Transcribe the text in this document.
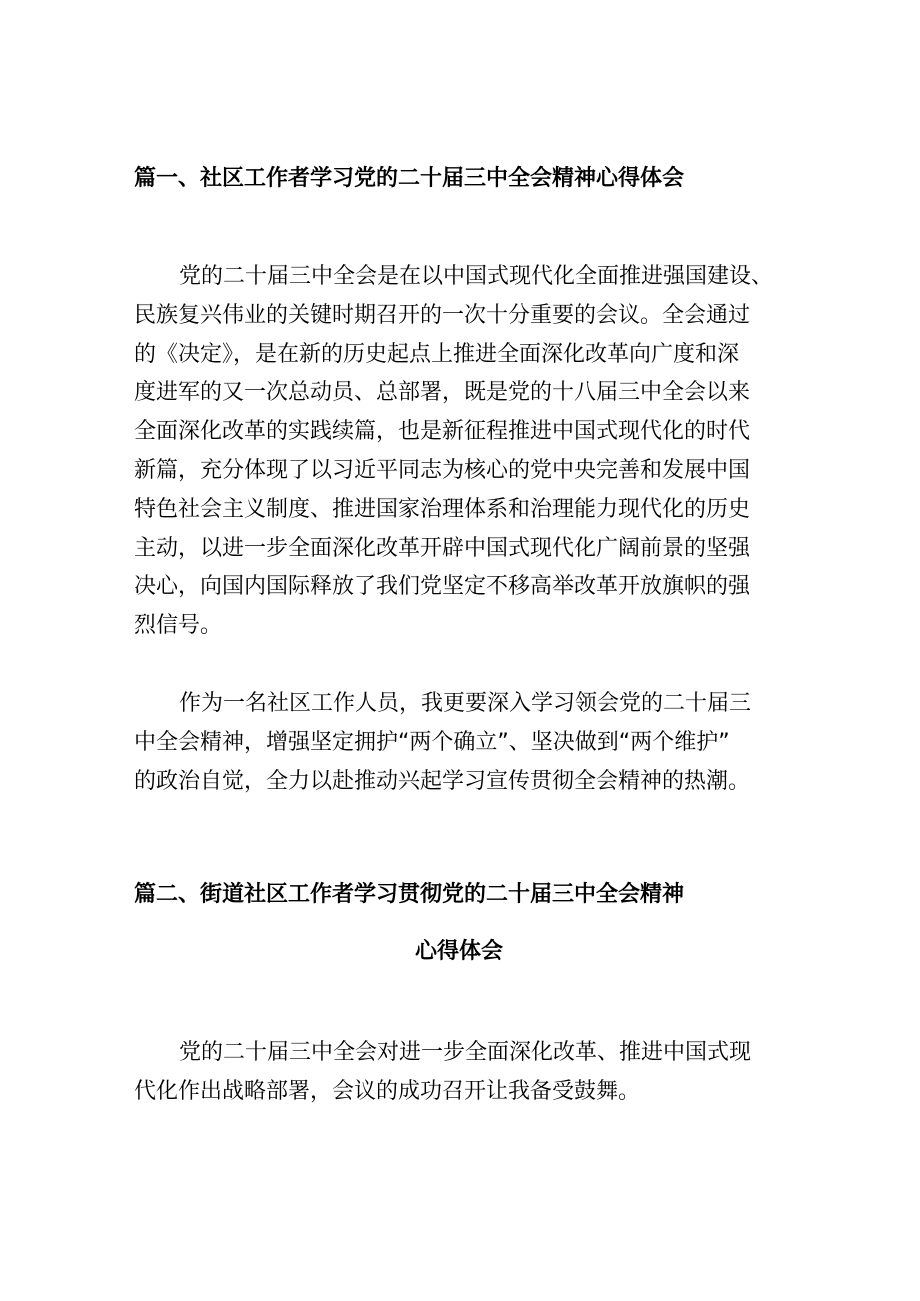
篇一、社区工作者学习党的二十届三中全会精神心得体会
党的二十届三中全会是在以中国式现代化全面推进强国建设、
民族复兴伟业的关键时期召开的一次十分重要的会议。全会通过
的《决定》，是在新的历史起点上推进全面深化改革向广度和深
度进军的又一次总动员、总部署，既是党的十八届三中全会以来
全面深化改革的实践续篇，也是新征程推进中国式现代化的时代
新篇，充分体现了以习近平同志为核心的党中央完善和发展中国
特色社会主义制度、推进国家治理体系和治理能力现代化的历史
主动，以进一步全面深化改革开辟中国式现代化广阔前景的坚强
决心，向国内国际释放了我们党坚定不移高举改革开放旗帜的强
烈信号。
作为一名社区工作人员，我更要深入学习领会党的二十届三
中全会精神，增强坚定拥护“两个确立”、坚决做到“两个维护”
的政治自觉，全力以赴推动兴起学习宣传贯彻全会精神的热潮。
篇二、街道社区工作者学习贯彻党的二十届三中全会精神
心得体会
党的二十届三中全会对进一步全面深化改革、推进中国式现
代化作出战略部署，会议的成功召开让我备受鼓舞。
